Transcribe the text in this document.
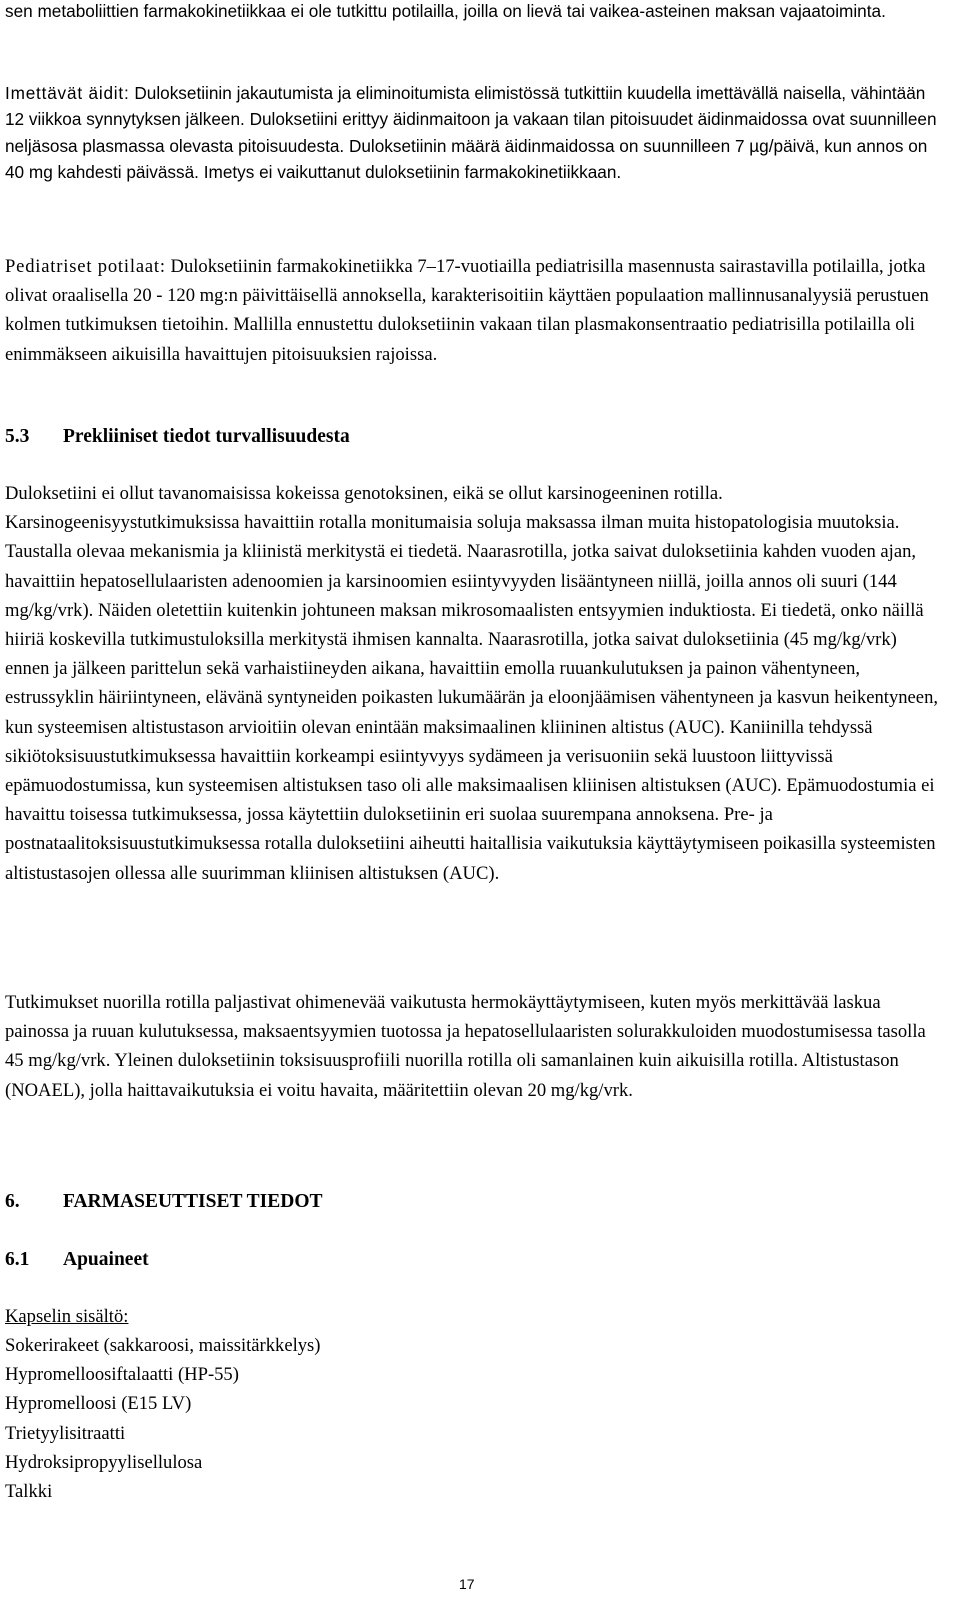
sen metaboliittien farmakokinetiikkaa ei ole tutkittu potilailla, joilla on lievä tai vaikea-asteinen maksan vajaatoiminta.

Imettävät äidit: Duloksetiinin jakautumista ja eliminoitumista elimistössä tutkittiin kuudella imettävällä naisella, vähintään 12 viikkoa synnytyksen jälkeen. Duloksetiini erittyy äidinmaitoon ja vakaan tilan pitoisuudet äidinmaidossa ovat suunnilleen neljäsosa plasmassa olevasta pitoisuudesta. Duloksetiinin määrä äidinmaidossa on suunnilleen 7 µg/päivä, kun annos on 40 mg kahdesti päivässä. Imetys ei vaikuttanut duloksetiinin farmakokinetiikkaan.

Pediatriset potilaat: Duloksetiinin farmakokinetiikka 7–17-vuotiailla pediatrisilla masennusta sairastavilla potilailla, jotka olivat oraalisella 20 - 120 mg:n päivittäisellä annoksella, karakterisoitiin käyttäen populaation mallinnusanalyysiä perustuen kolmen tutkimuksen tietoihin. Mallilla ennustettu duloksetiinin vakaan tilan plasmakonsentraatio pediatrisilla potilailla oli enimmäkseen aikuisilla havaittujen pitoisuuksien rajoissa.

5.3 Prekliiniset tiedot turvallisuudesta

Duloksetiini ei ollut tavanomaisissa kokeissa genotoksinen, eikä se ollut karsinogeeninen rotilla. Karsinogeenisyystutkimuksissa havaittiin rotalla monitumaisia soluja maksassa ilman muita histopatologisia muutoksia. Taustalla olevaa mekanismia ja kliinistä merkitystä ei tiedetä. Naarasrotilla, jotka saivat duloksetiinia kahden vuoden ajan, havaittiin hepatosellulaaristen adenoomien ja karsinoomien esiintyvyyden lisääntyneen niillä, joilla annos oli suuri (144 mg/kg/vrk). Näiden oletettiin kuitenkin johtuneen maksan mikrosomaalisten entsyymien induktiosta. Ei tiedetä, onko näillä hiiriä koskevilla tutkimustuloksilla merkitystä ihmisen kannalta. Naarasrotilla, jotka saivat duloksetiinia (45 mg/kg/vrk) ennen ja jälkeen parittelun sekä varhaistiineyden aikana, havaittiin emolla ruuankulutuksen ja painon vähentyneen, estrussyklin häiriintyneen, elävänä syntyneiden poikasten lukumäärän ja eloonjäämisen vähentyneen ja kasvun heikentyneen, kun systeemisen altistustason arvioitiin olevan enintään maksimaalinen kliininen altistus (AUC). Kaniinilla tehdyssä sikiötoksisuustutkimuksessa havaittiin korkeampi esiintyvyys sydämeen ja verisuoniin sekä luustoon liittyvissä epämuodostumissa, kun systeemisen altistuksen taso oli alle maksimaalisen kliinisen altistuksen (AUC). Epämuodostumia ei havaittu toisessa tutkimuksessa, jossa käytettiin duloksetiinin eri suolaa suurempana annoksena. Pre- ja postnataalitoksisuustutkimuksessa rotalla duloksetiini aiheutti haitallisia vaikutuksia käyttäytymiseen poikasilla systeemisten altistustasojen ollessa alle suurimman kliinisen altistuksen (AUC).

Tutkimukset nuorilla rotilla paljastivat ohimenevää vaikutusta hermokäyttäytymiseen, kuten myös merkittävää laskua painossa ja ruuan kulutuksessa, maksaentsyymien tuotossa ja hepatosellulaaristen solurakkuloiden muodostumisessa tasolla 45 mg/kg/vrk. Yleinen duloksetiinin toksisuusprofiili nuorilla rotilla oli samanlainen kuin aikuisilla rotilla. Altistustason (NOAEL), jolla haittavaikutuksia ei voitu havaita, määritettiin olevan 20 mg/kg/vrk.

6. FARMASEUTTISET TIEDOT
6.1 Apuaineet

Kapselin sisältö:

Sokerirakeet (sakkaroosi, maissitärkkelys)
Hypromelloosiftalaatti (HP-55)
Hypromelloosi (E15 LV)
Trietyylisitraatti
Hydroksipropyylisellulosa
Talkki
17
